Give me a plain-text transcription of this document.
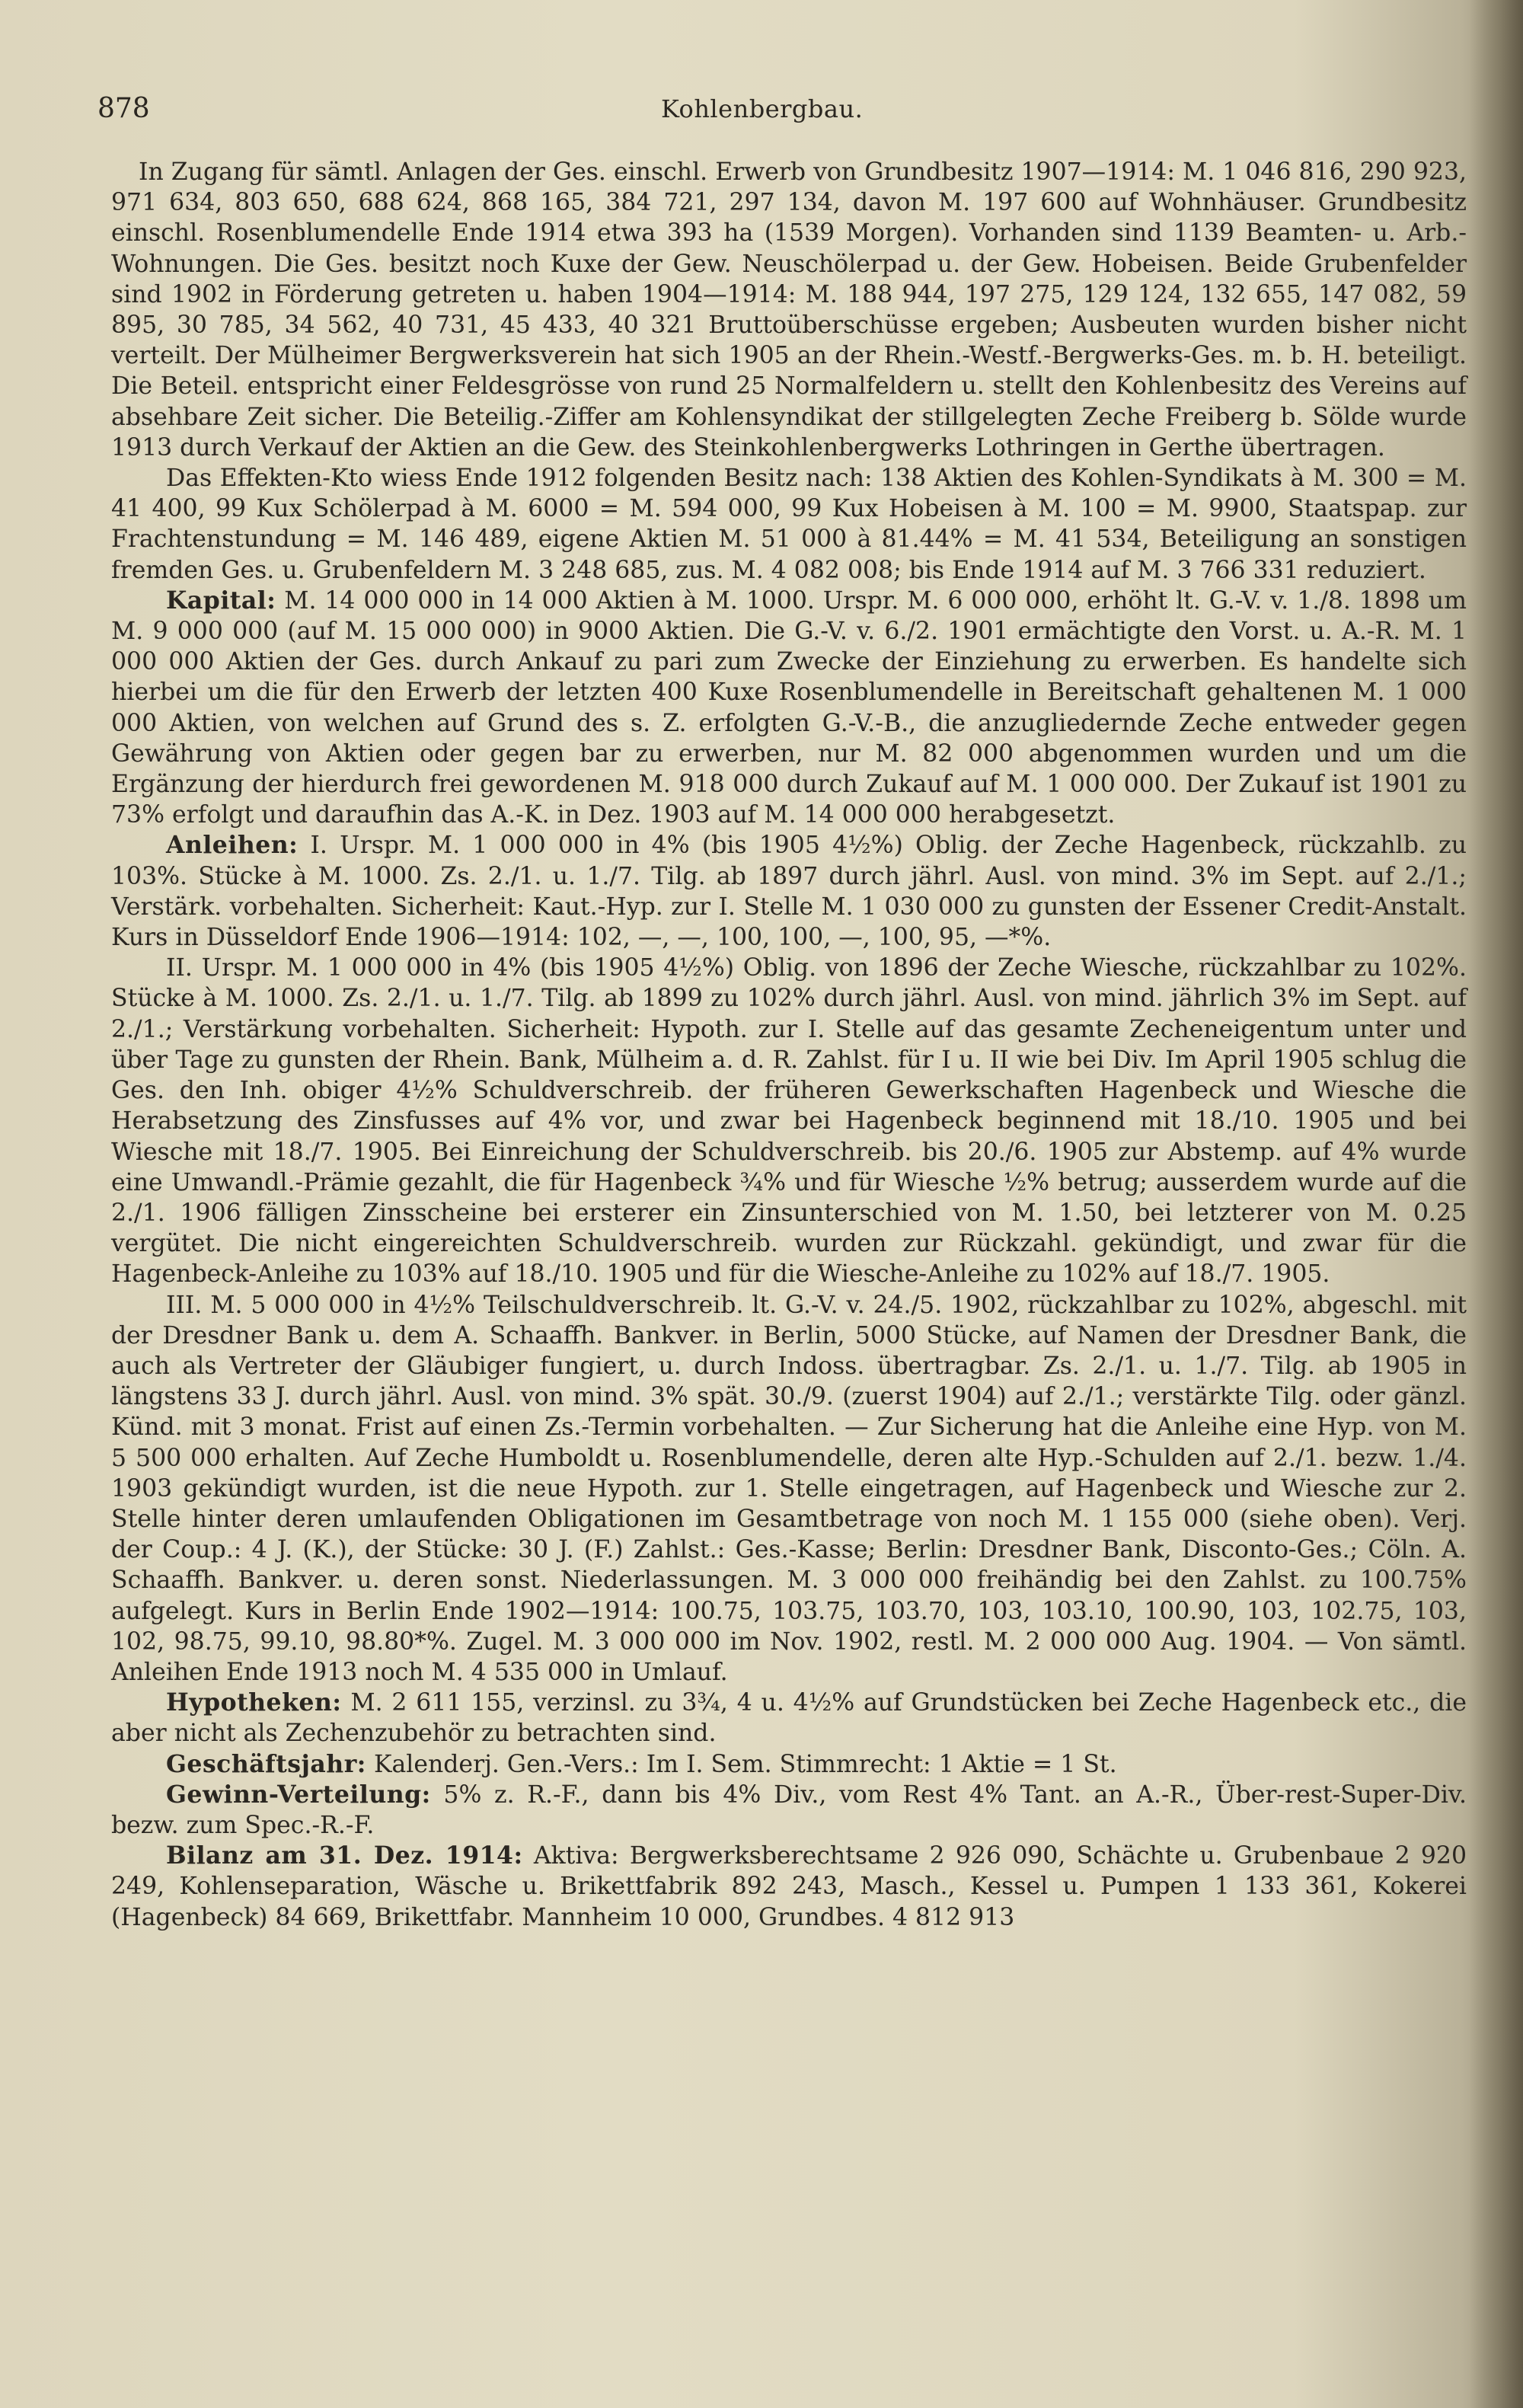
878	Kohlenbergbau.

In Zugang für sämtl. Anlagen der Ges. einschl. Erwerb von Grundbesitz 1907—1914: M. 1 046 816, 290 923, 971 634, 803 650, 688 624, 868 165, 384 721, 297 134, davon M. 197 600 auf Wohnhäuser. Grundbesitz einschl. Rosenblumendelle Ende 1914 etwa 393 ha (1539 Morgen). Vorhanden sind 1139 Beamten- u. Arb.-Wohnungen. Die Ges. besitzt noch Kuxe der Gew. Neuschölerpad u. der Gew. Hobeisen. Beide Grubenfelder sind 1902 in Förderung getreten u. haben 1904—1914: M. 188 944, 197 275, 129 124, 132 655, 147 082, 59 895, 30 785, 34 562, 40 731, 45 433, 40 321 Bruttoüberschüsse ergeben; Ausbeuten wurden bisher nicht verteilt. Der Mülheimer Bergwerksverein hat sich 1905 an der Rhein.-Westf.-Bergwerks-Ges. m. b. H. beteiligt. Die Beteil. entspricht einer Feldesgrösse von rund 25 Normalfeldern u. stellt den Kohlenbesitz des Vereins auf absehbare Zeit sicher. Die Beteilig.-Ziffer am Kohlensyndikat der stillgelegten Zeche Freiberg b. Sölde wurde 1913 durch Verkauf der Aktien an die Gew. des Steinkohlenbergwerks Lothringen in Gerthe übertragen.

Das Effekten-Kto wiess Ende 1912 folgenden Besitz nach: 138 Aktien des Kohlen-Syndikats à M. 300 = M. 41 400, 99 Kux Schölerpad à M. 6000 = M. 594 000, 99 Kux Hobeisen à M. 100 = M. 9900, Staatspap. zur Frachtenstundung = M. 146 489, eigene Aktien M. 51 000 à 81.44% = M. 41 534, Beteiligung an sonstigen fremden Ges. u. Grubenfeldern M. 3 248 685, zus. M. 4 082 008; bis Ende 1914 auf M. 3 766 331 reduziert.

Kapital: M. 14 000 000 in 14 000 Aktien à M. 1000. Urspr. M. 6 000 000, erhöht lt. G.-V. v. 1./8. 1898 um M. 9 000 000 (auf M. 15 000 000) in 9000 Aktien. Die G.-V. v. 6./2. 1901 ermächtigte den Vorst. u. A.-R. M. 1 000 000 Aktien der Ges. durch Ankauf zu pari zum Zwecke der Einziehung zu erwerben. Es handelte sich hierbei um die für den Erwerb der letzten 400 Kuxe Rosenblumendelle in Bereitschaft gehaltenen M. 1 000 000 Aktien, von welchen auf Grund des s. Z. erfolgten G.-V.-B., die anzugliedernde Zeche entweder gegen Gewährung von Aktien oder gegen bar zu erwerben, nur M. 82 000 abgenommen wurden und um die Ergänzung der hierdurch frei gewordenen M. 918 000 durch Zukauf auf M. 1 000 000. Der Zukauf ist 1901 zu 73% erfolgt und daraufhin das A.-K. in Dez. 1903 auf M. 14 000 000 herabgesetzt.

Anleihen: I. Urspr. M. 1 000 000 in 4% (bis 1905 4½%) Oblig. der Zeche Hagenbeck, rückzahlb. zu 103%. Stücke à M. 1000. Zs. 2./1. u. 1./7. Tilg. ab 1897 durch jährl. Ausl. von mind. 3% im Sept. auf 2./1.; Verstärk. vorbehalten. Sicherheit: Kaut.-Hyp. zur I. Stelle M. 1 030 000 zu gunsten der Essener Credit-Anstalt. Kurs in Düsseldorf Ende 1906—1914: 102, —, —, 100, 100, —, 100, 95, —*%.

II. Urspr. M. 1 000 000 in 4% (bis 1905 4½%) Oblig. von 1896 der Zeche Wiesche, rückzahlbar zu 102%. Stücke à M. 1000. Zs. 2./1. u. 1./7. Tilg. ab 1899 zu 102% durch jährl. Ausl. von mind. jährlich 3% im Sept. auf 2./1.; Verstärkung vorbehalten. Sicherheit: Hypoth. zur I. Stelle auf das gesamte Zecheneigentum unter und über Tage zu gunsten der Rhein. Bank, Mülheim a. d. R. Zahlst. für I u. II wie bei Div. Im April 1905 schlug die Ges. den Inh. obiger 4½% Schuldverschreib. der früheren Gewerkschaften Hagenbeck und Wiesche die Herabsetzung des Zinsfusses auf 4% vor, und zwar bei Hagenbeck beginnend mit 18./10. 1905 und bei Wiesche mit 18./7. 1905. Bei Einreichung der Schuldverschreib. bis 20./6. 1905 zur Abstemp. auf 4% wurde eine Umwandl.-Prämie gezahlt, die für Hagenbeck ¾% und für Wiesche ½% betrug; ausserdem wurde auf die 2./1. 1906 fälligen Zinsscheine bei ersterer ein Zinsunterschied von M. 1.50, bei letzterer von M. 0.25 vergütet. Die nicht eingereichten Schuldverschreib. wurden zur Rückzahl. gekündigt, und zwar für die Hagenbeck-Anleihe zu 103% auf 18./10. 1905 und für die Wiesche-Anleihe zu 102% auf 18./7. 1905.

III. M. 5 000 000 in 4½% Teilschuldverschreib. lt. G.-V. v. 24./5. 1902, rückzahlbar zu 102%, abgeschl. mit der Dresdner Bank u. dem A. Schaaffh. Bankver. in Berlin, 5000 Stücke, auf Namen der Dresdner Bank, die auch als Vertreter der Gläubiger fungiert, u. durch Indoss. übertragbar. Zs. 2./1. u. 1./7. Tilg. ab 1905 in längstens 33 J. durch jährl. Ausl. von mind. 3% spät. 30./9. (zuerst 1904) auf 2./1.; verstärkte Tilg. oder gänzl. Künd. mit 3 monat. Frist auf einen Zs.-Termin vorbehalten. — Zur Sicherung hat die Anleihe eine Hyp. von M. 5 500 000 erhalten. Auf Zeche Humboldt u. Rosenblumendelle, deren alte Hyp.-Schulden auf 2./1. bezw. 1./4. 1903 gekündigt wurden, ist die neue Hypoth. zur 1. Stelle eingetragen, auf Hagenbeck und Wiesche zur 2. Stelle hinter deren umlaufenden Obligationen im Gesamtbetrage von noch M. 1 155 000 (siehe oben). Verj. der Coup.: 4 J. (K.), der Stücke: 30 J. (F.) Zahlst.: Ges.-Kasse; Berlin: Dresdner Bank, Disconto-Ges.; Cöln. A. Schaaffh. Bankver. u. deren sonst. Niederlassungen. M. 3 000 000 freihändig bei den Zahlst. zu 100.75% aufgelegt. Kurs in Berlin Ende 1902—1914: 100.75, 103.75, 103.70, 103, 103.10, 100.90, 103, 102.75, 103, 102, 98.75, 99.10, 98.80*%. Zugel. M. 3 000 000 im Nov. 1902, restl. M. 2 000 000 Aug. 1904. — Von sämtl. Anleihen Ende 1913 noch M. 4 535 000 in Umlauf.

Hypotheken: M. 2 611 155, verzinsl. zu 3¾, 4 u. 4½% auf Grundstücken bei Zeche Hagenbeck etc., die aber nicht als Zechenzubehör zu betrachten sind.

Geschäftsjahr: Kalenderj. Gen.-Vers.: Im I. Sem. Stimmrecht: 1 Aktie = 1 St.

Gewinn-Verteilung: 5% z. R.-F., dann bis 4% Div., vom Rest 4% Tant. an A.-R., Über-rest-Super-Div. bezw. zum Spec.-R.-F.

Bilanz am 31. Dez. 1914: Aktiva: Bergwerksberechtsame 2 926 090, Schächte u. Grubenbaue 2 920 249, Kohlenseparation, Wäsche u. Brikettfabrik 892 243, Masch., Kessel u. Pumpen 1 133 361, Kokerei (Hagenbeck) 84 669, Brikettfabr. Mannheim 10 000, Grundbes. 4 812 913
